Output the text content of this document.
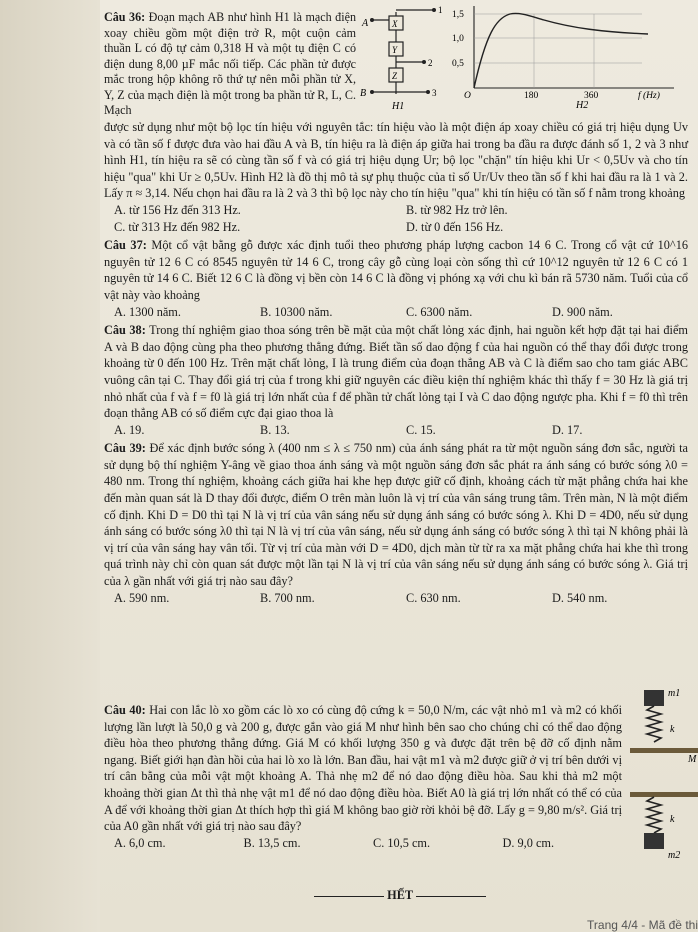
Câu 36: Đoạn mạch AB như hình H1 là mạch điện xoay chiều gồm một điện trở R, một cuộn cảm thuần L có độ tự cảm 0,318 H và một tụ điện C có điện dung 8,00 µF mắc nối tiếp. Các phần tử được mắc trong hộp không rõ thứ tự nên mỗi phần tử X, Y, Z của mạch điện là một trong ba phần tử R, L, C. Mạch
A
B
X
Y
Z
1
2
3
H1
1,5
1,0
0,5
O	180	360	f (Hz)
H2

được sử dụng như một bộ lọc tín hiệu với nguyên tắc: tín hiệu vào là một điện áp xoay chiều có giá trị hiệu dụng Uv và có tần số f được đưa vào hai đầu A và B, tín hiệu ra là điện áp giữa hai trong ba đầu ra được đánh số 1, 2 và 3 như hình H1, tín hiệu ra sẽ có cùng tần số f và có giá trị hiệu dụng Ur; bộ lọc "chặn" tín hiệu khi Ur < 0,5Uv và cho tín hiệu "qua" khi Ur ≥ 0,5Uv. Hình H2 là đồ thị mô tả sự phụ thuộc của tỉ số Ur/Uv theo tần số f khi hai đầu ra là 1 và 2. Lấy π ≈ 3,14. Nếu chọn hai đầu ra là 2 và 3 thì bộ lọc này cho tín hiệu "qua" khi tín hiệu có tần số f nằm trong khoảng

A. từ 156 Hz đến 313 Hz.	B. từ 982 Hz trở lên.
C. từ 313 Hz đến 982 Hz.	D. từ 0 đến 156 Hz.

Câu 37: Một cổ vật bằng gỗ được xác định tuổi theo phương pháp lượng cacbon 14 6 C. Trong cổ vật cứ 10^16 nguyên tử 12 6 C có 8545 nguyên tử 14 6 C, trong cây gỗ cùng loại còn sống thì cứ 10^12 nguyên tử 12 6 C có 1 nguyên tử 14 6 C. Biết 12 6 C là đồng vị bền còn 14 6 C là đồng vị phóng xạ với chu kì bán rã 5730 năm. Tuổi của cổ vật này vào khoảng

A. 1300 năm.	B. 10300 năm.	C. 6300 năm.	D. 900 năm.

Câu 38: Trong thí nghiệm giao thoa sóng trên bề mặt của một chất lỏng xác định, hai nguồn kết hợp đặt tại hai điểm A và B dao động cùng pha theo phương thẳng đứng. Biết tần số dao động f của hai nguồn có thể thay đổi được trong khoảng từ 0 đến 100 Hz. Trên mặt chất lỏng, I là trung điểm của đoạn thẳng AB và C là điểm sao cho tam giác ABC vuông cân tại C. Thay đổi giá trị của f trong khi giữ nguyên các điều kiện thí nghiệm khác thì thấy f = 30 Hz là giá trị nhỏ nhất của f và f = f0 là giá trị lớn nhất của f để phần tử chất lỏng tại I và C dao động ngược pha. Khi f = f0 thì trên đoạn thẳng AB có số điểm cực đại giao thoa là

A. 19.	B. 13.	C. 15.	D. 17.

Câu 39: Để xác định bước sóng λ (400 nm ≤ λ ≤ 750 nm) của ánh sáng phát ra từ một nguồn sáng đơn sắc, người ta sử dụng bộ thí nghiệm Y-âng về giao thoa ánh sáng và một nguồn sáng đơn sắc phát ra ánh sáng có bước sóng λ0 = 480 nm. Trong thí nghiệm, khoảng cách giữa hai khe hẹp được giữ cố định, khoảng cách từ mặt phẳng chứa hai khe đến màn quan sát là D thay đổi được, điểm O trên màn luôn là vị trí của vân sáng trung tâm. Trên màn, N là một điểm cố định. Khi D = D0 thì tại N là vị trí của vân sáng nếu sử dụng ánh sáng có bước sóng λ. Khi D = 4D0, nếu sử dụng ánh sáng có bước sóng λ0 thì tại N là vị trí của vân sáng, nếu sử dụng ánh sáng có bước sóng λ thì tại N không phải là vị trí của vân sáng hay vân tối. Từ vị trí của màn với D = 4D0, dịch màn từ từ ra xa mặt phẳng chứa hai khe thì trong quá trình này chỉ còn quan sát được một lần tại N là vị trí của vân sáng nếu sử dụng ánh sáng có bước sóng λ. Giá trị của λ gần nhất với giá trị nào sau đây?

A. 590 nm.	B. 700 nm.	C. 630 nm.	D. 540 nm.

Câu 40: Hai con lắc lò xo gồm các lò xo có cùng độ cứng k = 50,0 N/m, các vật nhỏ m1 và m2 có khối lượng lần lượt là 50,0 g và 200 g, được gắn vào giá M như hình bên sao cho chúng chỉ có thể dao động điều hòa theo phương thẳng đứng. Giá M có khối lượng 350 g và được đặt trên bệ đỡ cố định nằm ngang. Biết giới hạn đàn hồi của hai lò xo là lớn. Ban đầu, hai vật m1 và m2 được giữ ở vị trí bên dưới vị trí cân bằng của mỗi vật một khoảng A. Thả nhẹ m2 để nó dao động điều hòa. Sau khi thả m2 một khoảng thời gian Δt thì thả nhẹ vật m1 để nó dao động điều hòa. Biết A0 là giá trị lớn nhất có thể có của A để với khoảng thời gian Δt thích hợp thì giá M không bao giờ rời khỏi bệ đỡ. Lấy g = 9,80 m/s². Giá trị của A0 gần nhất với giá trị nào sau đây?

A. 6,0 cm.	B. 13,5 cm.	C. 10,5 cm.	D. 9,0 cm.
m1
k
M
k
m2
HẾT
Trang 4/4 - Mã đề thi
